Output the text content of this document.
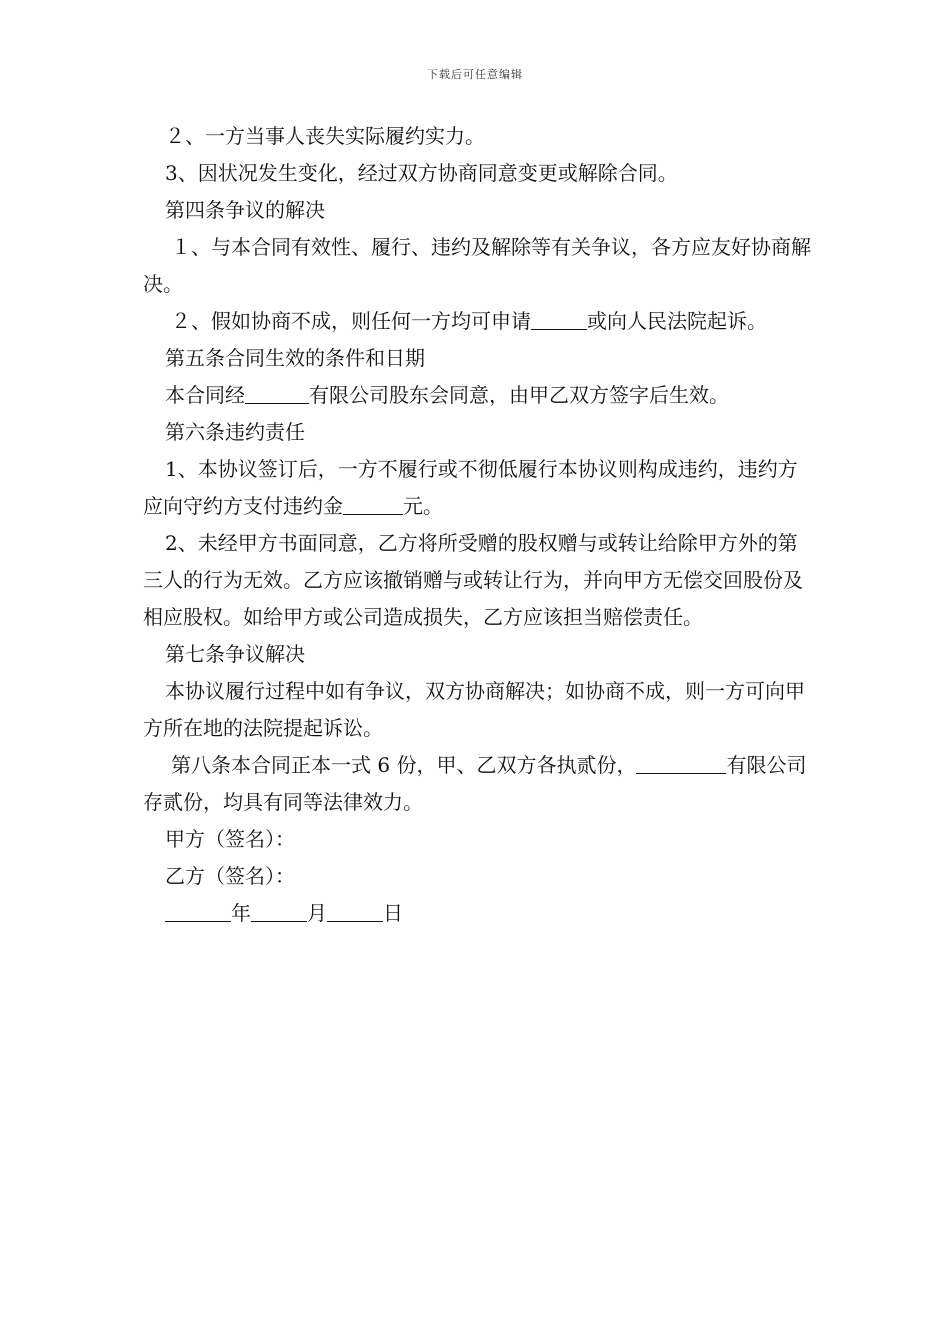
下载后可任意编辑

２、一方当事人丧失实际履约实力。

3、因状况发生变化，经过双方协商同意变更或解除合同。

第四条争议的解决

１、与本合同有效性、履行、违约及解除等有关争议，各方应友好协商解决。

２、假如协商不成，则任何一方均可申请	或向人民法院起诉。

第五条合同生效的条件和日期

本合同经	有限公司股东会同意，由甲乙双方签字后生效。

第六条违约责任

1、本协议签订后，一方不履行或不彻低履行本协议则构成违约，违约方应向守约方支付违约金	元。

2、未经甲方书面同意，乙方将所受赠的股权赠与或转让给除甲方外的第三人的行为无效。乙方应该撤销赠与或转让行为，并向甲方无偿交回股份及相应股权。如给甲方或公司造成损失，乙方应该担当赔偿责任。

第七条争议解决

本协议履行过程中如有争议，双方协商解决；如协商不成，则一方可向甲方所在地的法院提起诉讼。

第八条本合同正本一式 6 份，甲、乙双方各执贰份，	有限公司存贰份，均具有同等法律效力。

甲方（签名）：

乙方（签名）：

年	月	日
